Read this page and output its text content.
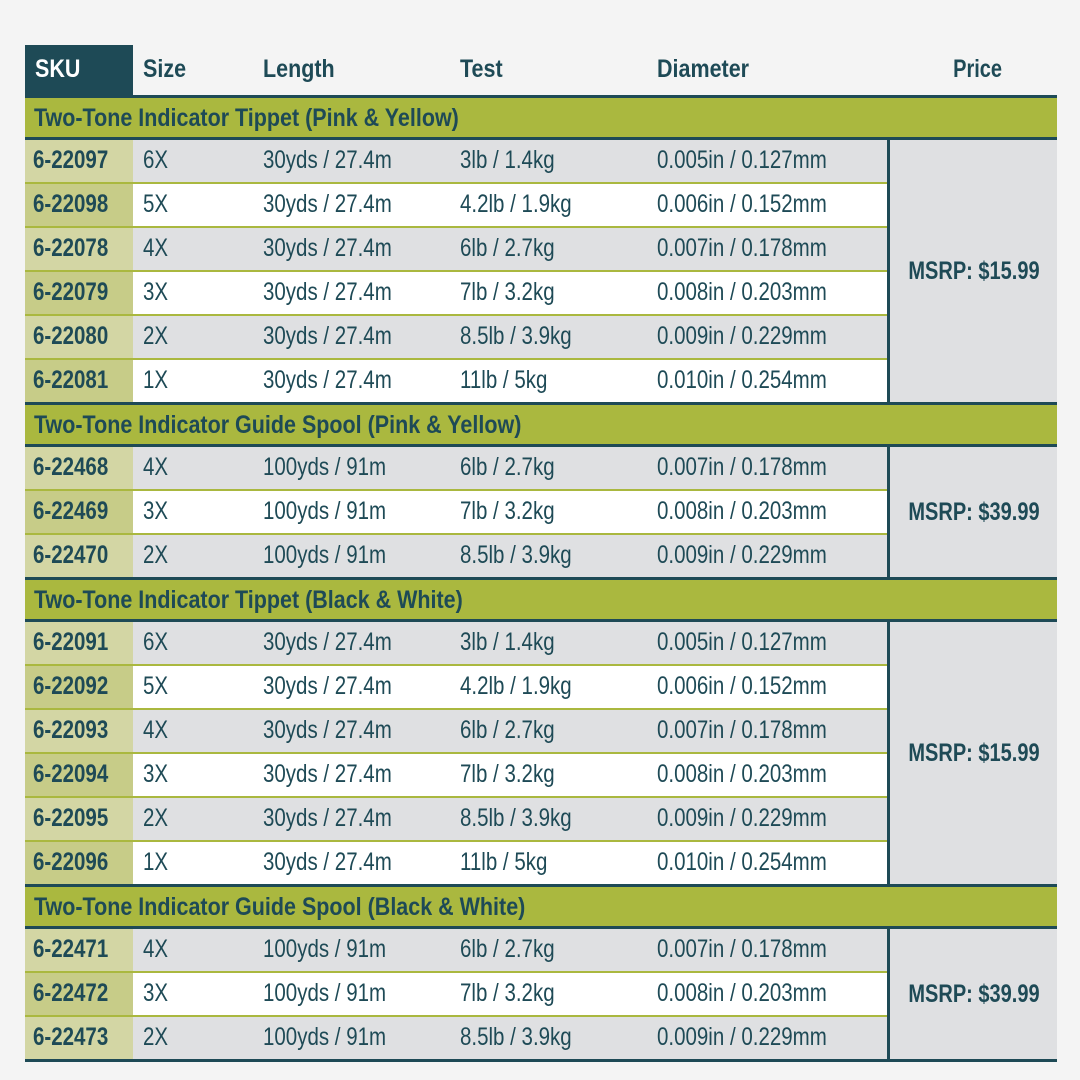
SKU	Size	Length	Test	Diameter	Price
Two-Tone Indicator Tippet (Pink & Yellow)
6-22097 6X	30yds / 27.4m	3lb / 1.4kg	0.005in / 0.127mm
6-22098 5X	30yds / 27.4m	4.2lb / 1.9kg	0.006in / 0.152mm
6-22078 4X	30yds / 27.4m	6lb / 2.7kg	0.007in / 0.178mm
6-22079 3X	30yds / 27.4m	7lb / 3.2kg	0.008in / 0.203mm
6-22080 2X	30yds / 27.4m	8.5lb / 3.9kg	0.009in / 0.229mm
6-22081 1X	30yds / 27.4m	11lb / 5kg	0.010in / 0.254mm
MSRP: $15.99
Two-Tone Indicator Guide Spool (Pink & Yellow)
6-22468 4X	100yds / 91m	6lb / 2.7kg	0.007in / 0.178mm
6-22469 3X	100yds / 91m	7lb / 3.2kg	0.008in / 0.203mm
6-22470 2X	100yds / 91m	8.5lb / 3.9kg	0.009in / 0.229mm
MSRP: $39.99
Two-Tone Indicator Tippet (Black & White)
6-22091 6X	30yds / 27.4m	3lb / 1.4kg	0.005in / 0.127mm
6-22092 5X	30yds / 27.4m	4.2lb / 1.9kg	0.006in / 0.152mm
6-22093 4X	30yds / 27.4m	6lb / 2.7kg	0.007in / 0.178mm
6-22094 3X	30yds / 27.4m	7lb / 3.2kg	0.008in / 0.203mm
6-22095 2X	30yds / 27.4m	8.5lb / 3.9kg	0.009in / 0.229mm
6-22096 1X	30yds / 27.4m	11lb / 5kg	0.010in / 0.254mm
MSRP: $15.99
Two-Tone Indicator Guide Spool (Black & White)
6-22471 4X	100yds / 91m	6lb / 2.7kg	0.007in / 0.178mm
6-22472 3X	100yds / 91m	7lb / 3.2kg	0.008in / 0.203mm
6-22473 2X	100yds / 91m	8.5lb / 3.9kg	0.009in / 0.229mm
MSRP: $39.99
